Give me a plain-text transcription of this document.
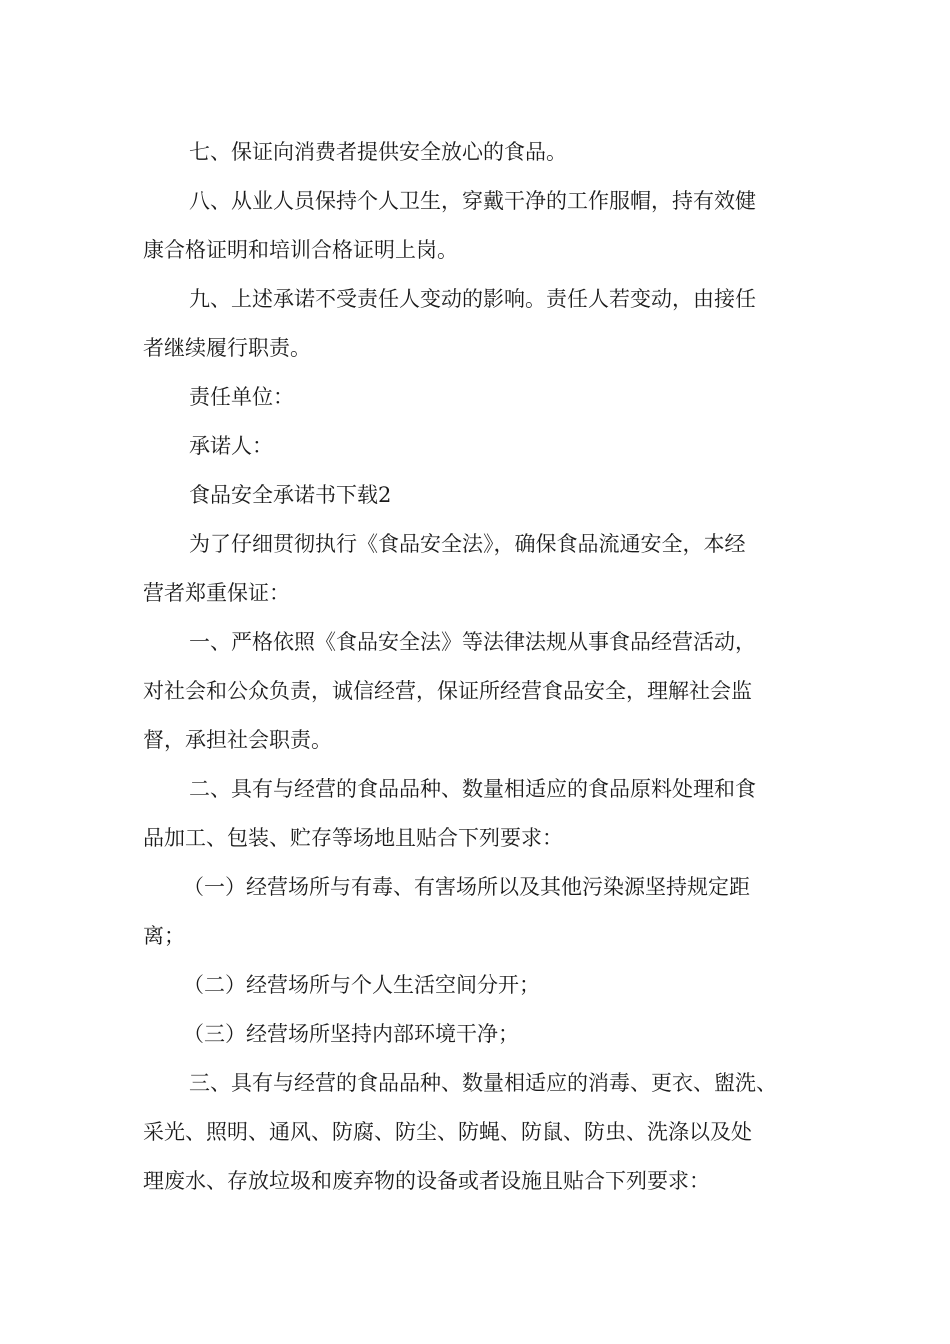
七、保证向消费者提供安全放心的食品。

八、从业人员保持个人卫生，穿戴干净的工作服帽，持有效健
康合格证明和培训合格证明上岗。

九、上述承诺不受责任人变动的影响。责任人若变动，由接任
者继续履行职责。

责任单位：

承诺人：

食品安全承诺书下载2

为了仔细贯彻执行《食品安全法》，确保食品流通安全，本经
营者郑重保证：

一、严格依照《食品安全法》等法律法规从事食品经营活动，
对社会和公众负责，诚信经营，保证所经营食品安全，理解社会监
督，承担社会职责。

二、具有与经营的食品品种、数量相适应的食品原料处理和食
品加工、包装、贮存等场地且贴合下列要求：

（一）经营场所与有毒、有害场所以及其他污染源坚持规定距
离；

（二）经营场所与个人生活空间分开；

（三）经营场所坚持内部环境干净；

三、具有与经营的食品品种、数量相适应的消毒、更衣、盥洗、
采光、照明、通风、防腐、防尘、防蝇、防鼠、防虫、洗涤以及处
理废水、存放垃圾和废弃物的设备或者设施且贴合下列要求：
